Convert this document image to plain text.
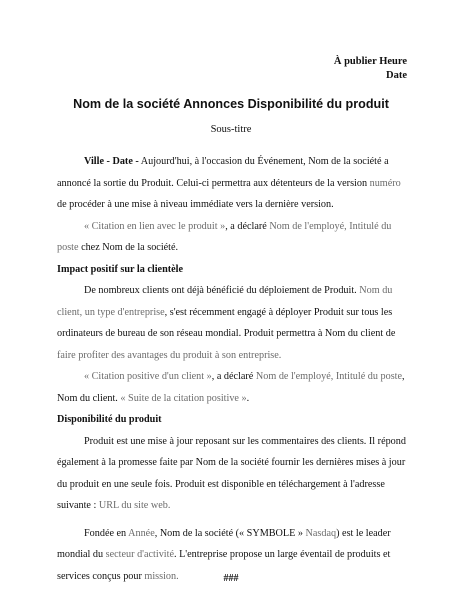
À publier Heure
Date
Nom de la société Annonces Disponibilité du produit
Sous-titre

Ville - Date - Aujourd'hui, à l'occasion du Événement, Nom de la société a annoncé la sortie du Produit. Celui-ci permettra aux détenteurs de la version numéro de procéder à une mise à niveau immédiate vers la dernière version.

« Citation en lien avec le produit », a déclaré Nom de l'employé, Intitulé du poste chez Nom de la société.

Impact positif sur la clientèle

De nombreux clients ont déjà bénéficié du déploiement de Produit. Nom du client, un type d'entreprise, s'est récemment engagé à déployer Produit sur tous les ordinateurs de bureau de son réseau mondial. Produit permettra à Nom du client de faire profiter des avantages du produit à son entreprise.

« Citation positive d'un client », a déclaré Nom de l'employé, Intitulé du poste, Nom du client. « Suite de la citation positive ».

Disponibilité du produit

Produit est une mise à jour reposant sur les commentaires des clients. Il répond également à la promesse faite par Nom de la société fournir les dernières mises à jour du produit en une seule fois. Produit est disponible en téléchargement à l'adresse suivante : URL du site web.

Fondée en Année, Nom de la société (« SYMBOLE » Nasdaq) est le leader mondial du secteur d'activité. L'entreprise propose un large éventail de produits et services conçus pour mission.	###
